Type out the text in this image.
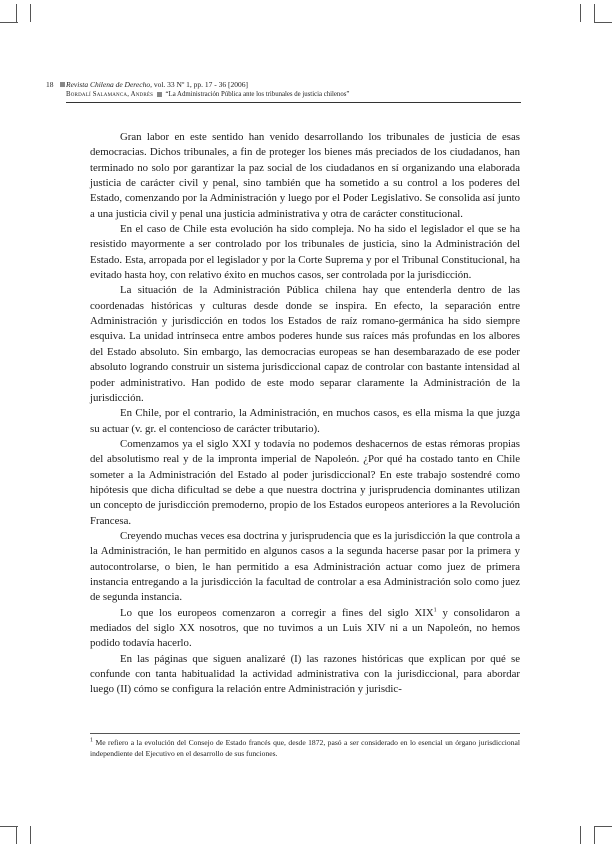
18 Revista Chilena de Derecho, vol. 33 Nº 1, pp. 17 - 36 [2006]
Bordalí Salamanca, Andrés “La Administración Pública ante los tribunales de justicia chilenos”

Gran labor en este sentido han venido desarrollando los tribunales de justicia de esas democracias. Dichos tribunales, a fin de proteger los bienes más preciados de los ciudadanos, han terminado no solo por garantizar la paz social de los ciudadanos en sí organizando una elaborada justicia de carácter civil y penal, sino también que ha sometido a su control a los poderes del Estado, comenzando por la Administración y luego por el Poder Legislativo. Se consolida así junto a una justicia civil y penal una justicia administrativa y otra de carácter constitucional.

En el caso de Chile esta evolución ha sido compleja. No ha sido el legislador el que se ha resistido mayormente a ser controlado por los tribunales de justicia, sino la Administración del Estado. Esta, arropada por el legislador y por la Corte Suprema y por el Tribunal Constitucional, ha evitado hasta hoy, con relativo éxito en muchos casos, ser controlada por la jurisdicción.

La situación de la Administración Pública chilena hay que entenderla dentro de las coordenadas históricas y culturas desde donde se inspira. En efecto, la separación entre Administración y jurisdicción en todos los Estados de raíz romano-germánica ha sido siempre esquiva. La unidad intrínseca entre ambos poderes hunde sus raíces más profundas en los albores del Estado absoluto. Sin embargo, las democracias europeas se han desembarazado de ese poder absoluto logrando construir un sistema jurisdiccional capaz de controlar con bastante intensidad al poder administrativo. Han podido de este modo separar claramente la Administración de la jurisdicción.

En Chile, por el contrario, la Administración, en muchos casos, es ella misma la que juzga su actuar (v. gr. el contencioso de carácter tributario).

Comenzamos ya el siglo XXI y todavía no podemos deshacernos de estas rémoras propias del absolutismo real y de la impronta imperial de Napoleón. ¿Por qué ha costado tanto en Chile someter a la Administración del Estado al poder jurisdiccional? En este trabajo sostendré como hipótesis que dicha dificultad se debe a que nuestra doctrina y jurisprudencia dominantes utilizan un concepto de jurisdicción premoderno, propio de los Estados europeos anteriores a la Revolución Francesa.

Creyendo muchas veces esa doctrina y jurisprudencia que es la jurisdicción la que controla a la Administración, le han permitido en algunos casos a la segunda hacerse pasar por la primera y autocontrolarse, o bien, le han permitido a esa Administración actuar como juez de primera instancia entregando a la jurisdicción la facultad de controlar a esa Administración solo como juez de segunda instancia.

Lo que los europeos comenzaron a corregir a fines del siglo XIX$^1$ y consolidaron a mediados del siglo XX nosotros, que no tuvimos a un Luis XIV ni a un Napoleón, no hemos podido todavía hacerlo.

En las páginas que siguen analizaré (I) las razones históricas que explican por qué se confunde con tanta habitualidad la actividad administrativa con la jurisdiccional, para abordar luego (II) cómo se configura la relación entre Administración y jurisdic-

$^1$ Me refiero a la evolución del Consejo de Estado francés que, desde 1872, pasó a ser considerado en lo esencial un órgano jurisdiccional independiente del Ejecutivo en el desarrollo de sus funciones.
